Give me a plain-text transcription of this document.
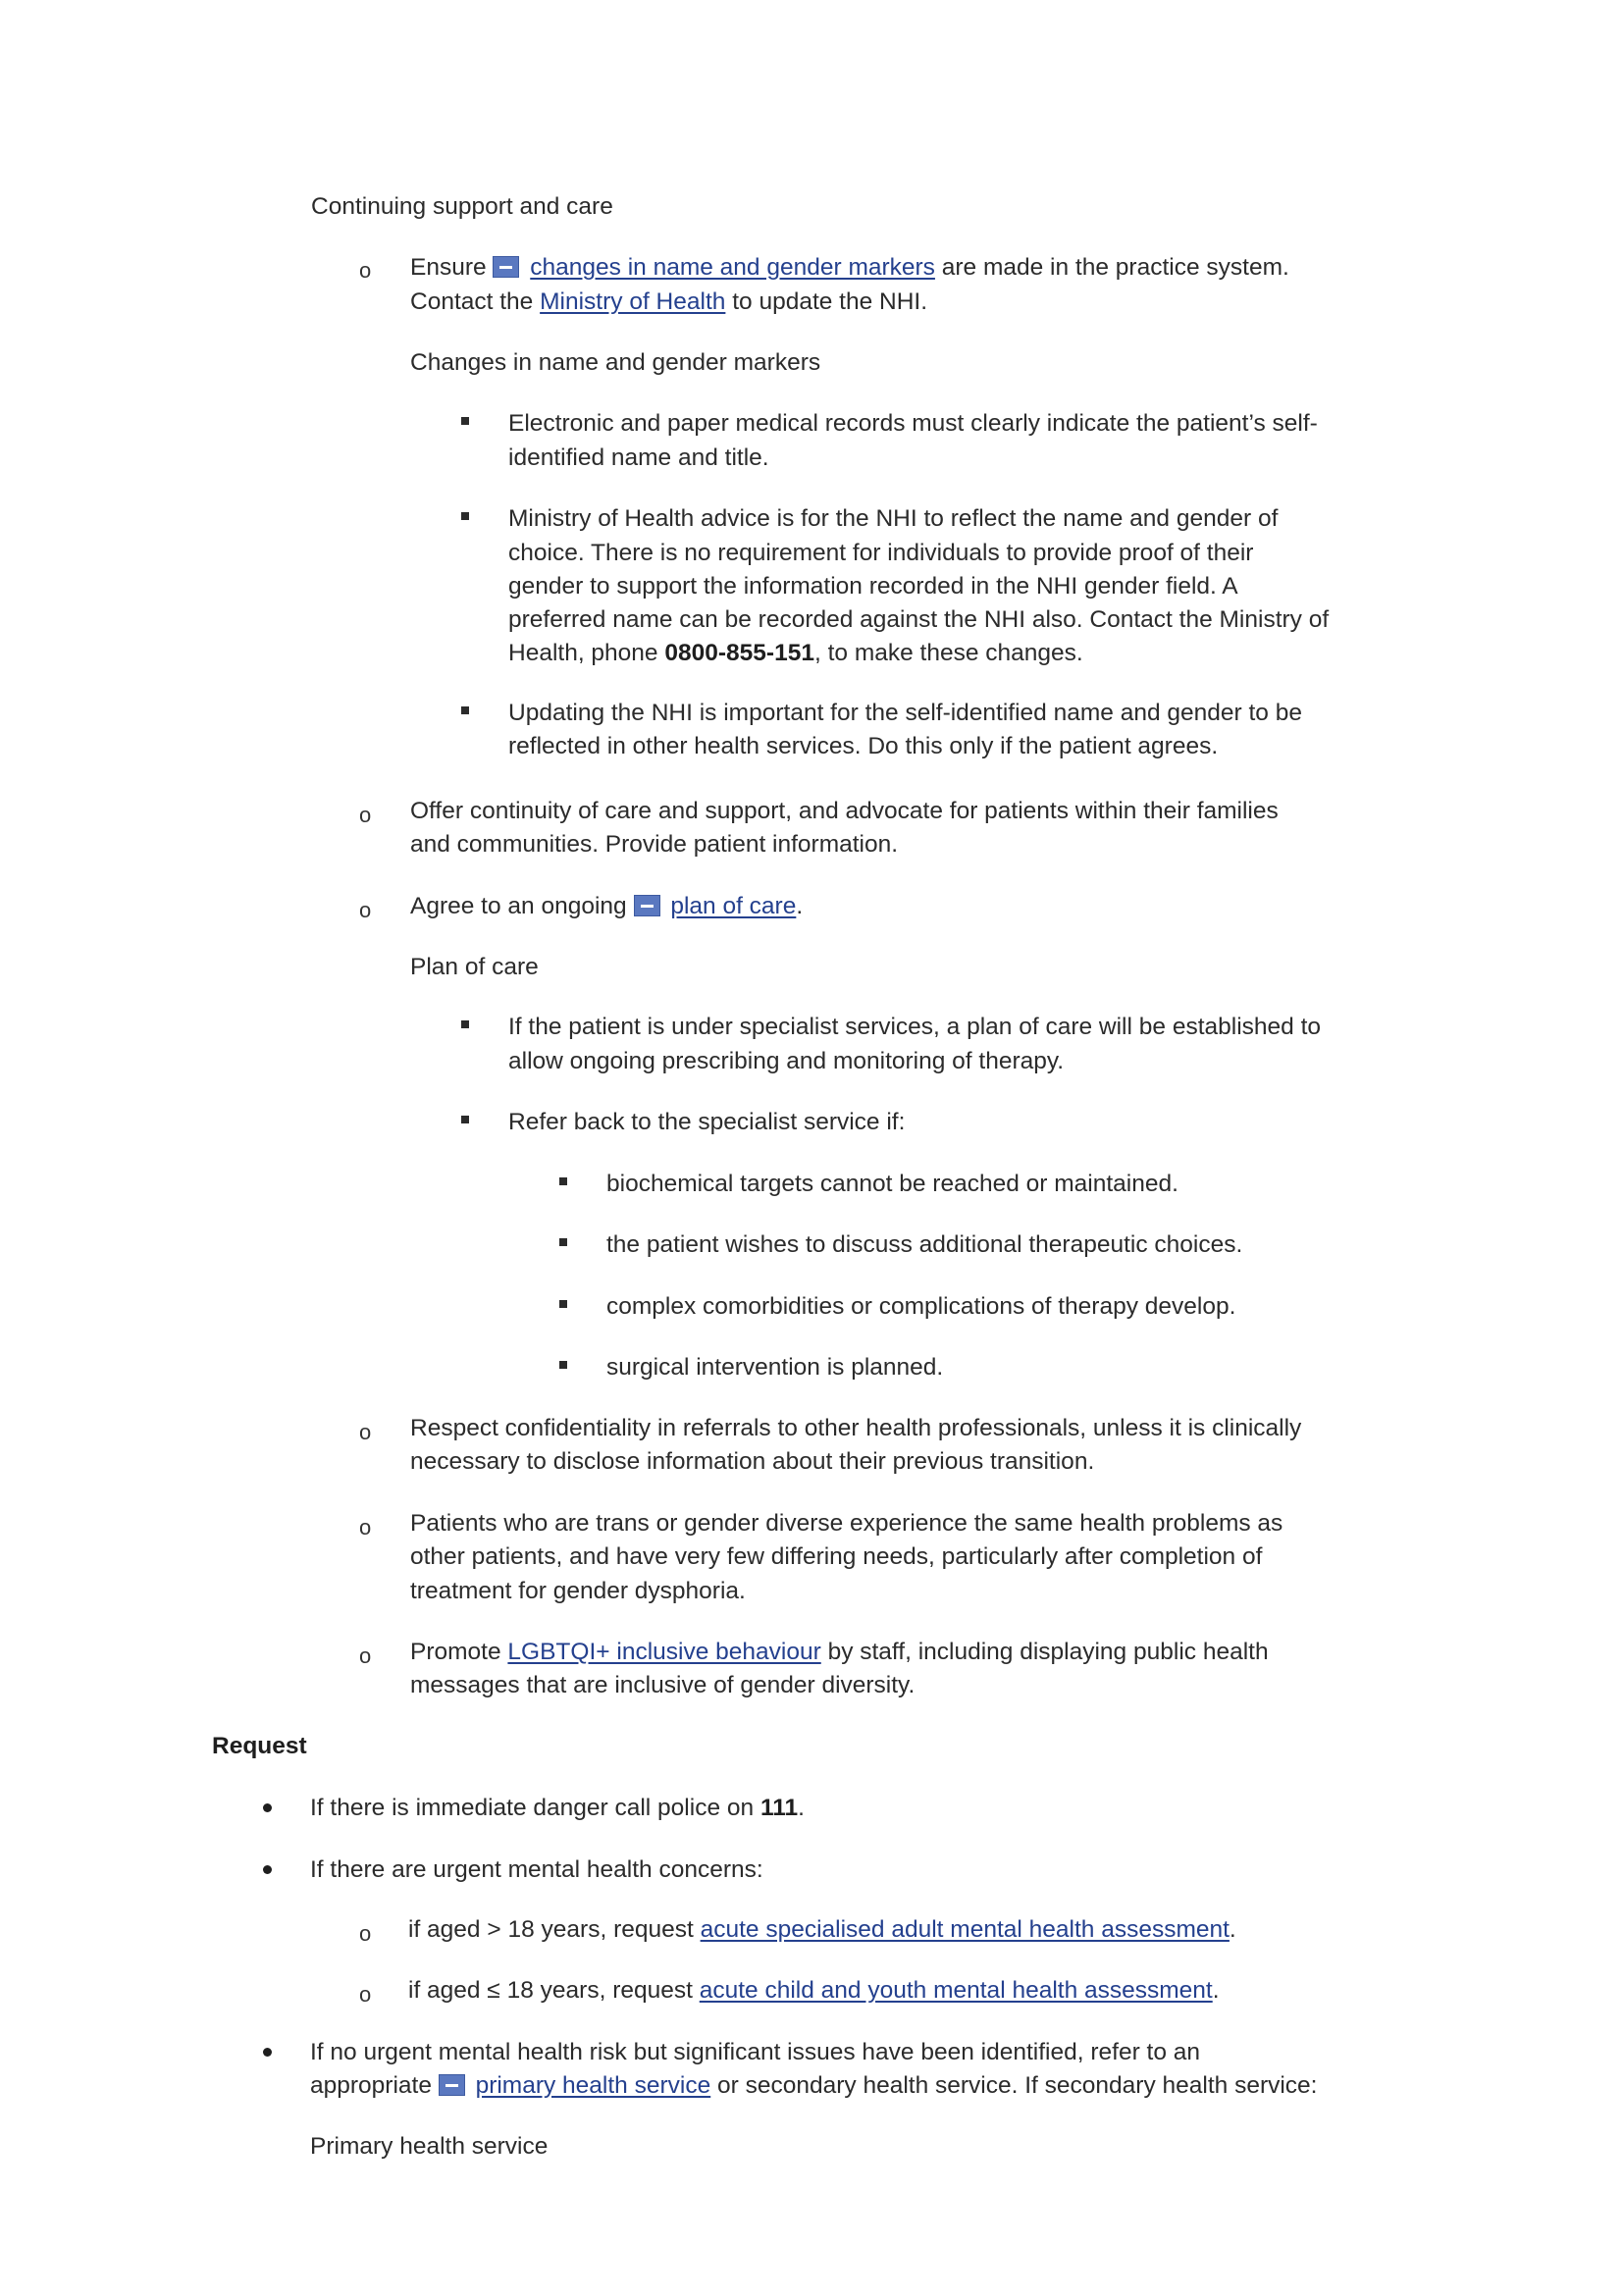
Continuing support and care
o Ensure changes in name and gender markers are made in the practice system.
Contact the Ministry of Health to update the NHI.
Changes in name and gender markers
Electronic and paper medical records must clearly indicate the patient’s self-
identified name and title.
Ministry of Health advice is for the NHI to reflect the name and gender of
choice. There is no requirement for individuals to provide proof of their
gender to support the information recorded in the NHI gender field. A
preferred name can be recorded against the NHI also. Contact the Ministry of
Health, phone 0800-855-151, to make these changes.
Updating the NHI is important for the self-identified name and gender to be
reflected in other health services. Do this only if the patient agrees.
o Offer continuity of care and support, and advocate for patients within their families
and communities. Provide patient information.
o Agree to an ongoing plan of care.
Plan of care
If the patient is under specialist services, a plan of care will be established to
allow ongoing prescribing and monitoring of therapy.
Refer back to the specialist service if:
biochemical targets cannot be reached or maintained.
the patient wishes to discuss additional therapeutic choices.
complex comorbidities or complications of therapy develop.
surgical intervention is planned.
o Respect confidentiality in referrals to other health professionals, unless it is clinically
necessary to disclose information about their previous transition.
o Patients who are trans or gender diverse experience the same health problems as
other patients, and have very few differing needs, particularly after completion of
treatment for gender dysphoria.
o Promote LGBTQI+ inclusive behaviour by staff, including displaying public health
messages that are inclusive of gender diversity.
Request
If there is immediate danger call police on 111.
If there are urgent mental health concerns:
o if aged > 18 years, request acute specialised adult mental health assessment.
o if aged ≤ 18 years, request acute child and youth mental health assessment.
If no urgent mental health risk but significant issues have been identified, refer to an
appropriate primary health service or secondary health service. If secondary health service:
Primary health service
